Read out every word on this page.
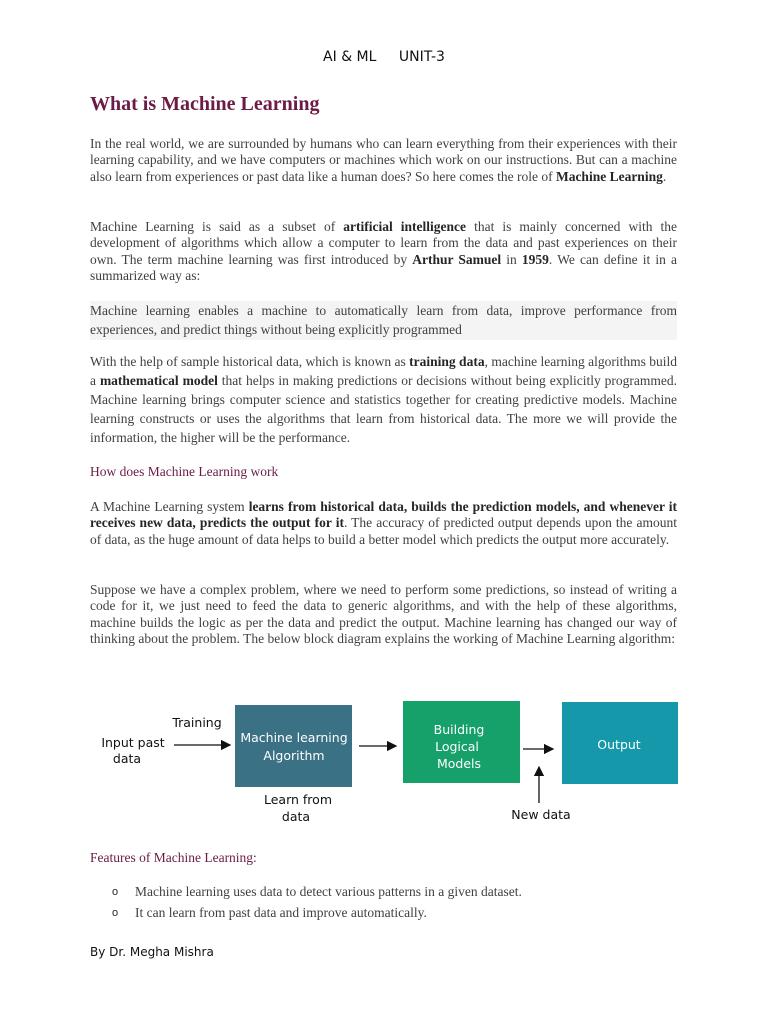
AI & ML UNIT-3
What is Machine Learning

In the real world, we are surrounded by humans who can learn everything from their experiences with their learning capability, and we have computers or machines which work on our instructions. But can a machine also learn from experiences or past data like a human does? So here comes the role of Machine Learning.

Machine Learning is said as a subset of artificial intelligence that is mainly concerned with the development of algorithms which allow a computer to learn from the data and past experiences on their own. The term machine learning was first introduced by Arthur Samuel in 1959. We can define it in a summarized way as:

Machine learning enables a machine to automatically learn from data, improve performance from experiences, and predict things without being explicitly programmed

With the help of sample historical data, which is known as training data, machine learning algorithms build a mathematical model that helps in making predictions or decisions without being explicitly programmed. Machine learning brings computer science and statistics together for creating predictive models. Machine learning constructs or uses the algorithms that learn from historical data. The more we will provide the information, the higher will be the performance.

How does Machine Learning work

A Machine Learning system learns from historical data, builds the prediction models, and whenever it receives new data, predicts the output for it. The accuracy of predicted output depends upon the amount of data, as the huge amount of data helps to build a better model which predicts the output more accurately.

Suppose we have a complex problem, where we need to perform some predictions, so instead of writing a code for it, we just need to feed the data to generic algorithms, and with the help of these algorithms, machine builds the logic as per the data and predict the output. Machine learning has changed our way of thinking about the problem. The below block diagram explains the working of Machine Learning algorithm:

Input past
data
Training
Learn from
data	New data
Machine learning
Algorithm
Building
Logical
Models
Output
Features of Machine Learning:
o Machine learning uses data to detect various patterns in a given dataset.
o It can learn from past data and improve automatically.
By Dr. Megha Mishra
